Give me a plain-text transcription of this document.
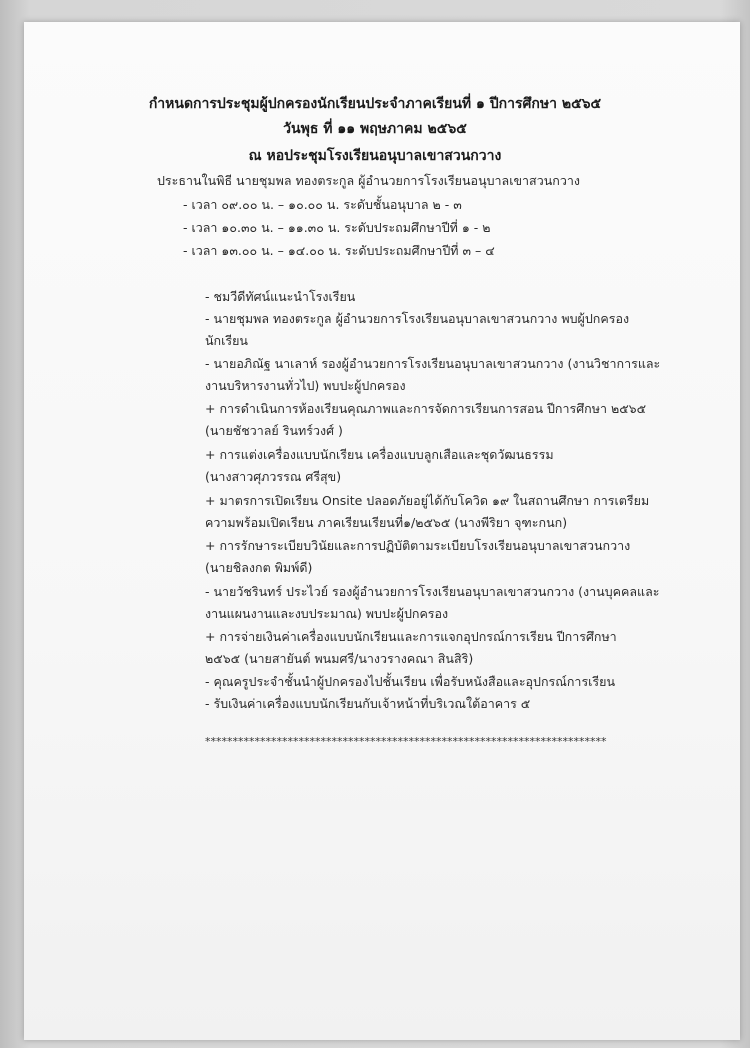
กำหนดการประชุมผู้ปกครองนักเรียนประจำภาคเรียนที่ ๑ ปีการศึกษา ๒๕๖๕
วันพุธ ที่ ๑๑ พฤษภาคม ๒๕๖๕
ณ หอประชุมโรงเรียนอนุบาลเขาสวนกวาง
ประธานในพิธี นายชุมพล ทองตระกูล ผู้อำนวยการโรงเรียนอนุบาลเขาสวนกวาง
- เวลา ๐๙.๐๐ น. – ๑๐.๐๐ น. ระดับชั้นอนุบาล ๒ - ๓
- เวลา ๑๐.๓๐ น. – ๑๑.๓๐ น. ระดับประถมศึกษาปีที่ ๑ - ๒
- เวลา ๑๓.๐๐ น. – ๑๔.๐๐ น. ระดับประถมศึกษาปีที่ ๓ – ๔
- ชมวีดีทัศน์แนะนำโรงเรียน
- นายชุมพล ทองตระกูล ผู้อำนวยการโรงเรียนอนุบาลเขาสวนกวาง พบผู้ปกครอง
นักเรียน
- นายอภิณัฐ นาเลาห์ รองผู้อำนวยการโรงเรียนอนุบาลเขาสวนกวาง (งานวิชาการและ
งานบริหารงานทั่วไป) พบปะผู้ปกครอง
+ การดำเนินการห้องเรียนคุณภาพและการจัดการเรียนการสอน ปีการศึกษา ๒๕๖๕
(นายชัชวาลย์ รินทร์วงศ์ )
+ การแต่งเครื่องแบบนักเรียน เครื่องแบบลูกเสือและชุดวัฒนธรรม
(นางสาวศุภวรรณ ศรีสุข)
+ มาตรการเปิดเรียน Onsite ปลอดภัยอยู่ได้กับโควิด ๑๙ ในสถานศึกษา การเตรียม
ความพร้อมเปิดเรียน ภาคเรียนเรียนที่๑/๒๕๖๕ (นางพีริยา จุฑะกนก)
+ การรักษาระเบียบวินัยและการปฏิบัติตามระเบียบโรงเรียนอนุบาลเขาสวนกวาง
(นายชิลงกต พิมพ์ดี)
- นายวัชรินทร์ ประไวย์ รองผู้อำนวยการโรงเรียนอนุบาลเขาสวนกวาง (งานบุคคลและ
งานแผนงานและงบประมาณ) พบปะผู้ปกครอง
+ การจ่ายเงินค่าเครื่องแบบนักเรียนและการแจกอุปกรณ์การเรียน ปีการศึกษา
๒๕๖๕ (นายสายันต์ พนมศรี/นางวรางคณา สินสิริ)
- คุณครูประจำชั้นนำผู้ปกครองไปชั้นเรียน เพื่อรับหนังสือและอุปกรณ์การเรียน
- รับเงินค่าเครื่องแบบนักเรียนกับเจ้าหน้าที่บริเวณใต้อาคาร ๕
*************************************************************************
